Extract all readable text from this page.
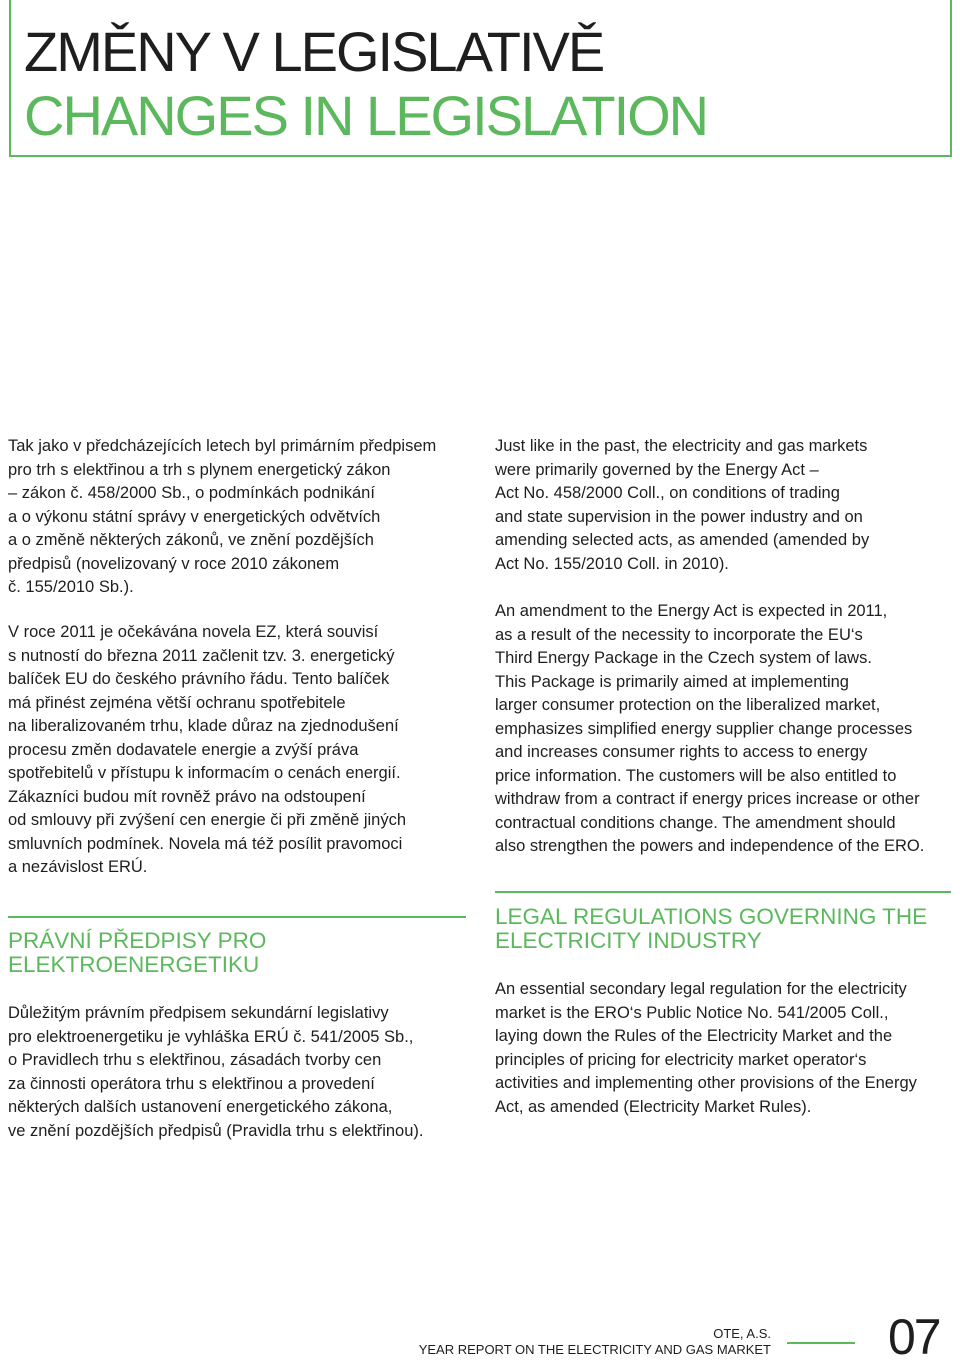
ZMĚNY V LEGISLATIVĚ
CHANGES IN LEGISLATION

Tak jako v předcházejících letech byl primárním předpisem
pro trh s elektřinou a trh s plynem energetický zákon
– zákon č. 458/2000 Sb., o podmínkách podnikání
a o výkonu státní správy v energetických odvětvích
a o změně některých zákonů, ve znění pozdějších
předpisů (novelizovaný v roce 2010 zákonem
č. 155/2010 Sb.).

V roce 2011 je očekávána novela EZ, která souvisí
s nutností do března 2011 začlenit tzv. 3. energetický
balíček EU do českého právního řádu. Tento balíček
má přinést zejména větší ochranu spotřebitele
na liberalizovaném trhu, klade důraz na zjednodušení
procesu změn dodavatele energie a zvýší práva
spotřebitelů v přístupu k informacím o cenách energií.
Zákazníci budou mít rovněž právo na odstoupení
od smlouvy při zvýšení cen energie či při změně jiných
smluvních podmínek. Novela má též posílit pravomoci
a nezávislost ERÚ.

PRÁVNÍ PŘEDPISY PRO
ELEKTROENERGETIKU

Důležitým právním předpisem sekundární legislativy
pro elektroenergetiku je vyhláška ERÚ č. 541/2005 Sb.,
o Pravidlech trhu s elektřinou, zásadách tvorby cen
za činnosti operátora trhu s elektřinou a provedení
některých dalších ustanovení energetického zákona,
ve znění pozdějších předpisů (Pravidla trhu s elektřinou).

Just like in the past, the electricity and gas markets
were primarily governed by the Energy Act –
Act No. 458/2000 Coll., on conditions of trading
and state supervision in the power industry and on
amending selected acts, as amended (amended by
Act No. 155/2010 Coll. in 2010).

An amendment to the Energy Act is expected in 2011,
as a result of the necessity to incorporate the EU‘s
Third Energy Package in the Czech system of laws.
This Package is primarily aimed at implementing
larger consumer protection on the liberalized market,
emphasizes simplified energy supplier change processes
and increases consumer rights to access to energy
price information. The customers will be also entitled to
withdraw from a contract if energy prices increase or other
contractual conditions change. The amendment should
also strengthen the powers and independence of the ERO.

LEGAL REGULATIONS GOVERNING THE
ELECTRICITY INDUSTRY

An essential secondary legal regulation for the electricity
market is the ERO‘s Public Notice No. 541/2005 Coll.,
laying down the Rules of the Electricity Market and the
principles of pricing for electricity market operator‘s
activities and implementing other provisions of the Energy
Act, as amended (Electricity Market Rules).

OTE, A.S.
YEAR REPORT ON THE ELECTRICITY AND GAS MARKET 07
